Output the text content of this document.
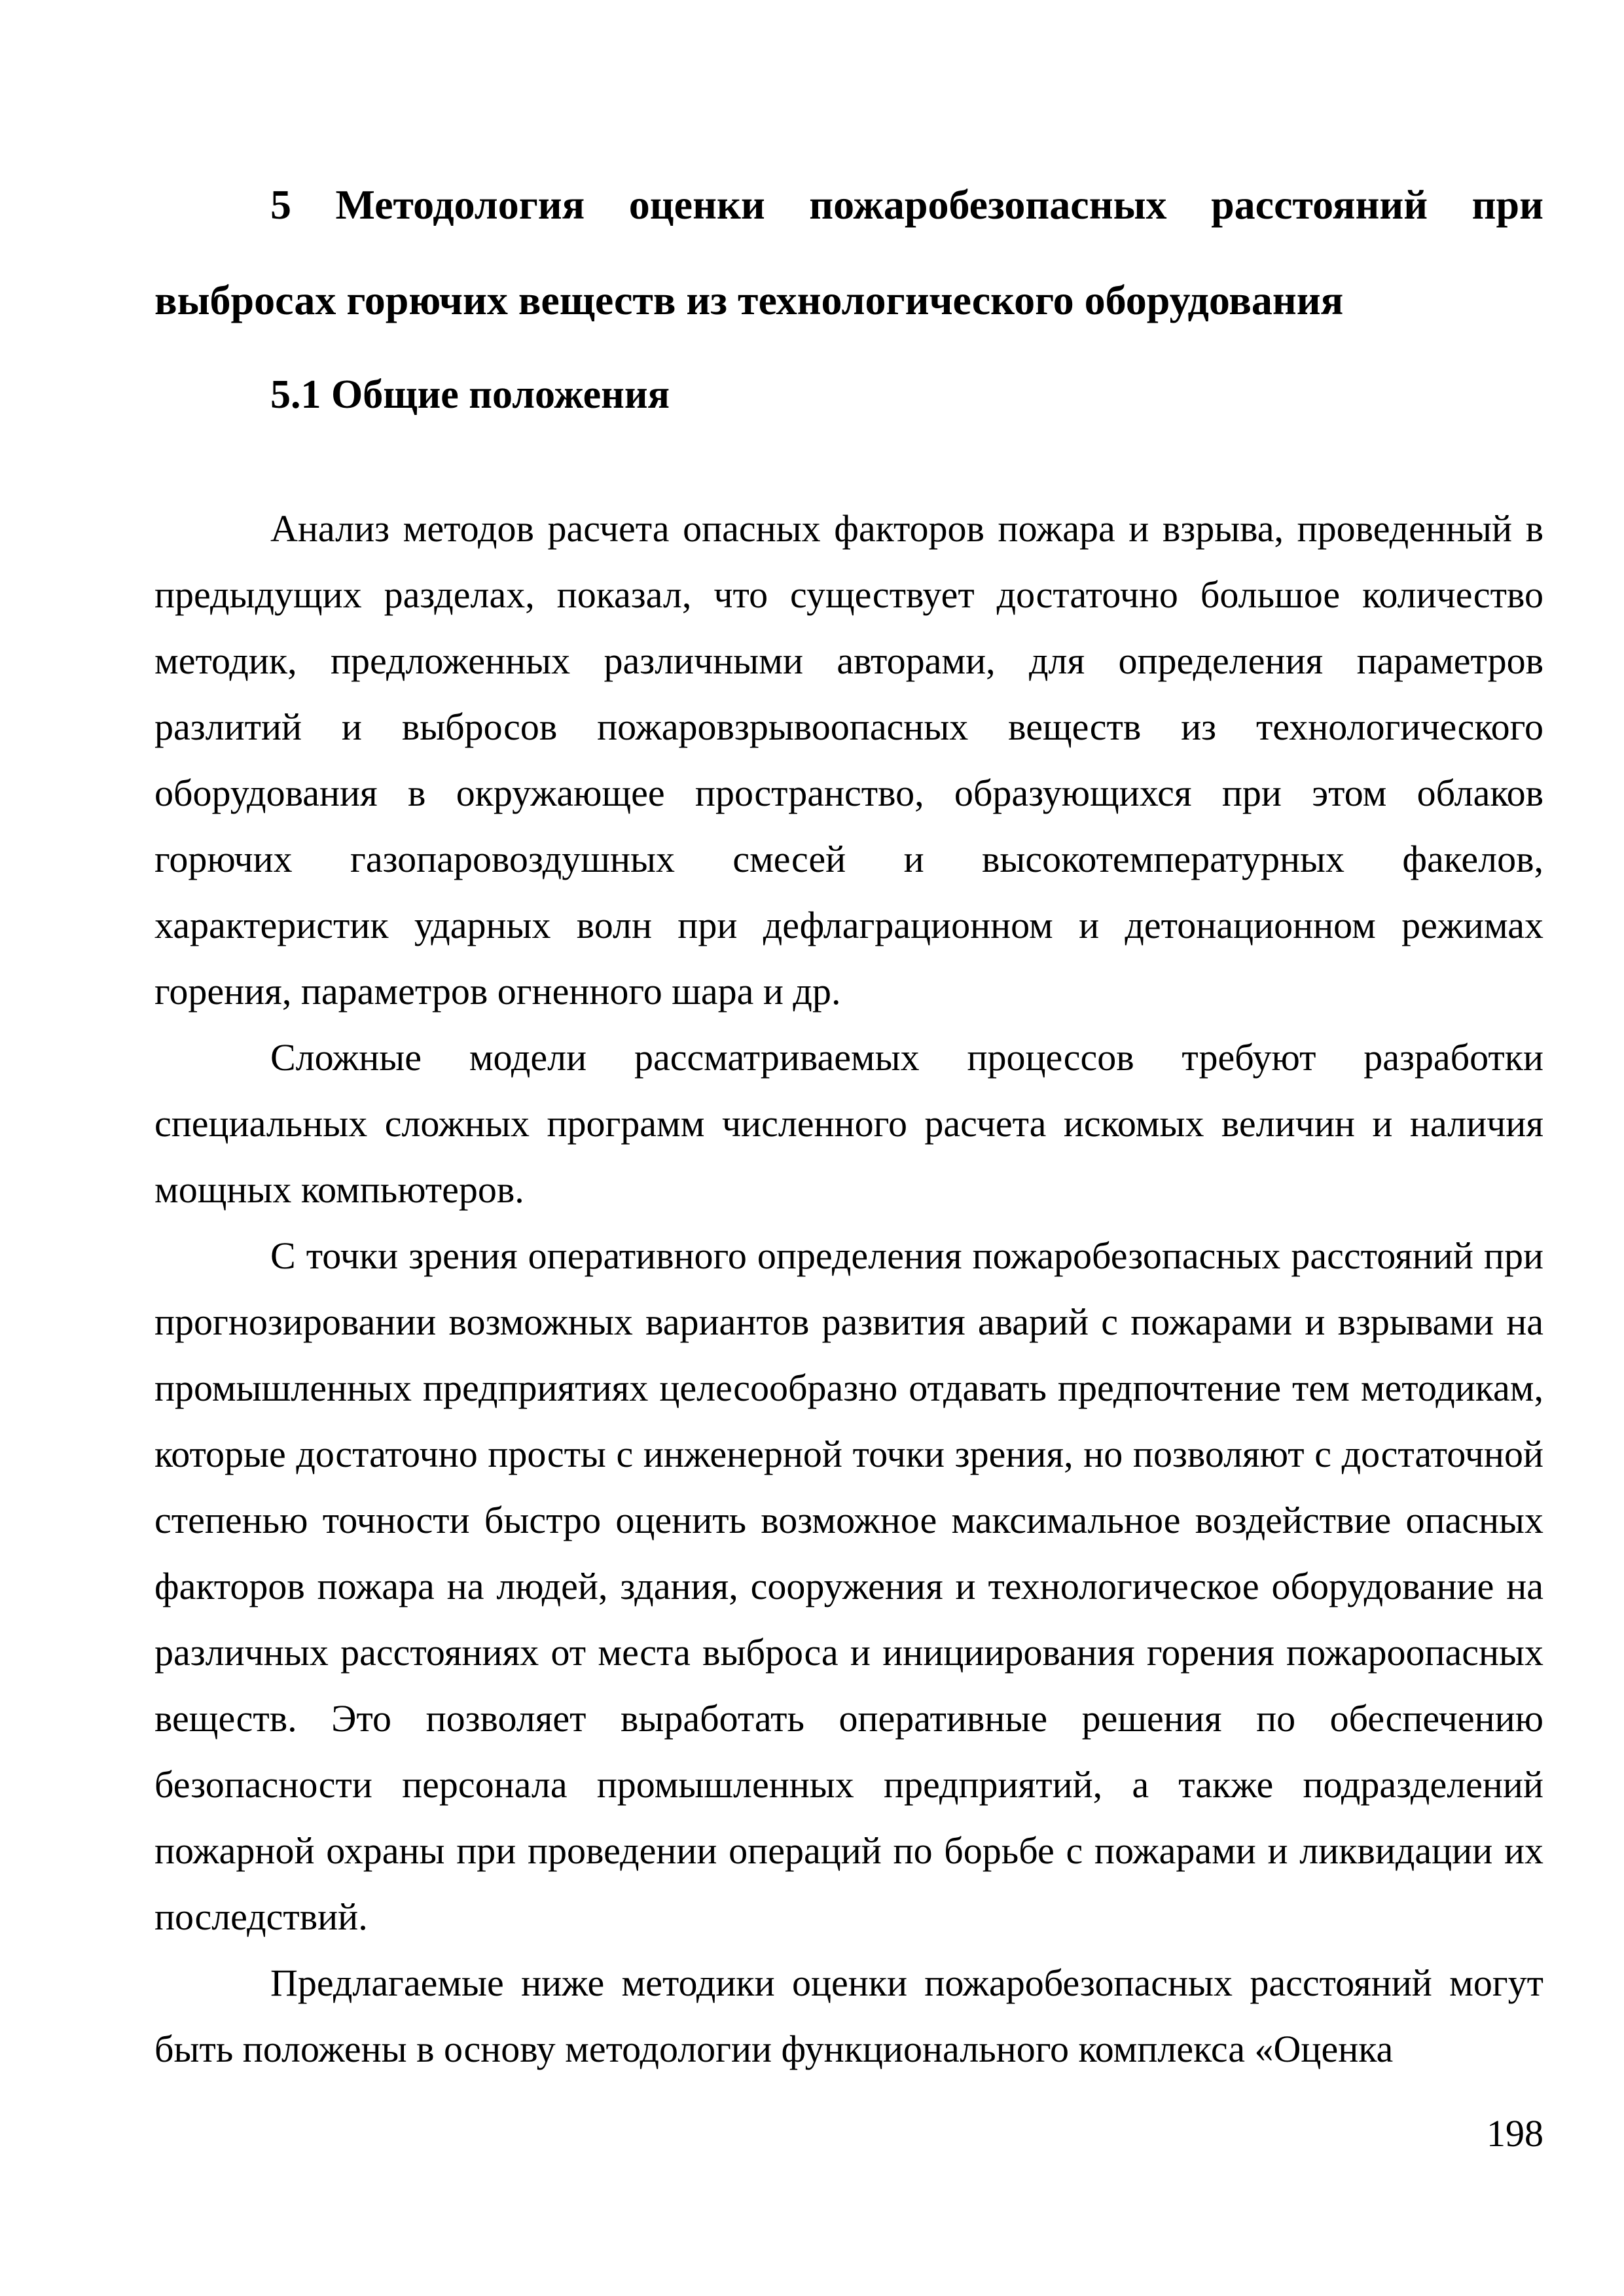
5 Методология оценки пожаробезопасных расстояний при выбросах горючих веществ из технологического оборудования
5.1 Общие положения

Анализ методов расчета опасных факторов пожара и взрыва, проведенный в предыдущих разделах, показал, что существует достаточно большое количество методик, предложенных различными авторами, для определения параметров разлитий и выбросов пожаровзрывоопасных веществ из технологического оборудования в окружающее пространство, образующихся при этом облаков горючих газопаровоздушных смесей и высокотемпературных факелов, характеристик ударных волн при дефлаграционном и детонационном режимах горения, параметров огненного шара и др.

Сложные модели рассматриваемых процессов требуют разработки специальных сложных программ численного расчета искомых величин и наличия мощных компьютеров.

С точки зрения оперативного определения пожаробезопасных расстояний при прогнозировании возможных вариантов развития аварий с пожарами и взрывами на промышленных предприятиях целесообразно отдавать предпочтение тем методикам, которые достаточно просты с инженерной точки зрения, но позволяют с достаточной степенью точности быстро оценить возможное максимальное воздействие опасных факторов пожара на людей, здания, сооружения и технологическое оборудование на различных расстояниях от места выброса и инициирования горения пожароопасных веществ. Это позволяет выработать оперативные решения по обеспечению безопасности персонала промышленных предприятий, а также подразделений пожарной охраны при проведении операций по борьбе с пожарами и ликвидации их последствий.

Предлагаемые ниже методики оценки пожаробезопасных расстояний могут быть положены в основу методологии функционального комплекса «Оценка

198
